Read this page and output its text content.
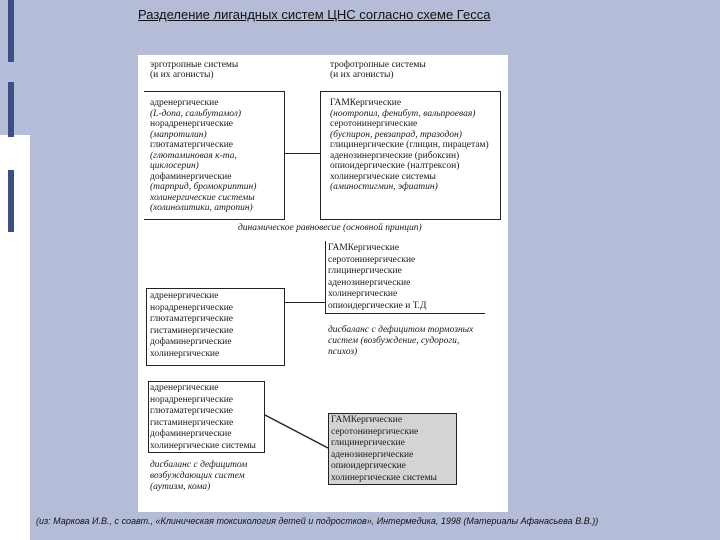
Разделение лигандных систем ЦНС согласно схеме Гесса
эрготропные системы
(и их агонисты)
адренергические
(L-допа, сальбутамол)
норадренергические
(мапротилин)
глютаматергические
(глютаминовая к-та,
циклосерин)
дофаминергические
(тарприд, бромокриптин)
холинергические системы
(холинолитики, атропин)
трофотропные системы
(и их агонисты)
ГАМКергические
(ноотропил, фенибут, вальпроевая)
серотонинергические
(буспирон, ревзапрад, тразодон)
глицинергические (глицин, пирацетам)
аденозинергические (рибоксин)
опиоидергические (налтрексон)
холинергические системы
(аминостигмин, эфиатин)
динамическое равновесие (основной принцип)
ГАМКергические
серотонинергические
глицинергические
аденозинергические
холинергические
опиоидергические и Т.Д
дисбаланс с дефицитом тормозных
систем (возбуждение, судороги,
психоз)
адренергические
норадренергические
глютаматергические
гистаминергические
дофаминергические
холинергические
адренергические
норадренергические
глютаматергические
гистаминергические
дофаминергические
холинергические системы
дисбаланс с дефицитом
возбуждающих систем
(аутизм, кома)
ГАМКергические
серотонинергические
глицинергические
аденозинергические
опиоидергические
холинергические системы
(из: Маркова И.В., с соавт., «Клиническая токсикология детей и подростков», Интермедика, 1998 (Материалы Афанасьева В.В.))
